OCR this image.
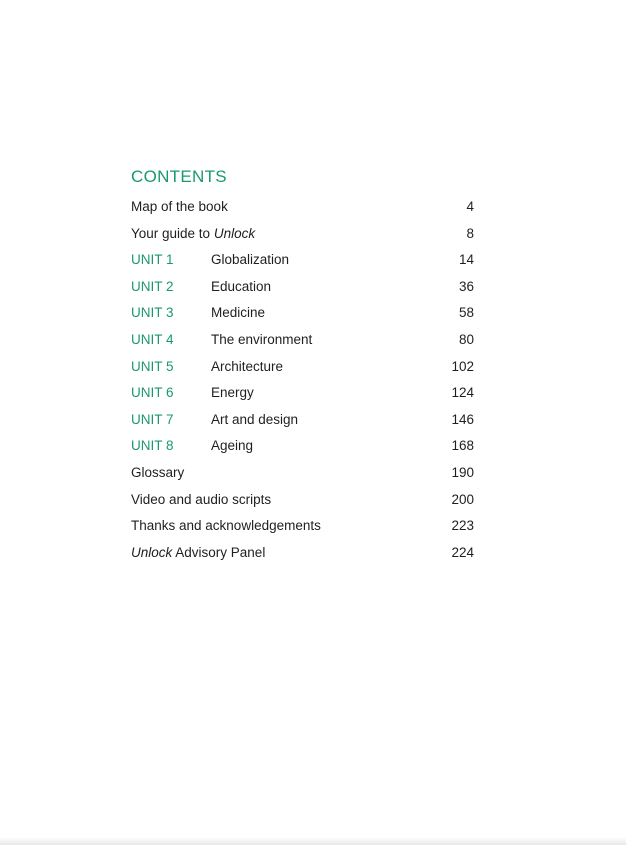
CONTENTS
Map of the book	4
Your guide to Unlock	8
UNIT 1	Globalization	14
UNIT 2	Education	36
UNIT 3	Medicine	58
UNIT 4	The environment	80
UNIT 5	Architecture	102
UNIT 6	Energy	124
UNIT 7	Art and design	146
UNIT 8	Ageing	168
Glossary	190
Video and audio scripts	200
Thanks and acknowledgements	223
Unlock Advisory Panel	224
